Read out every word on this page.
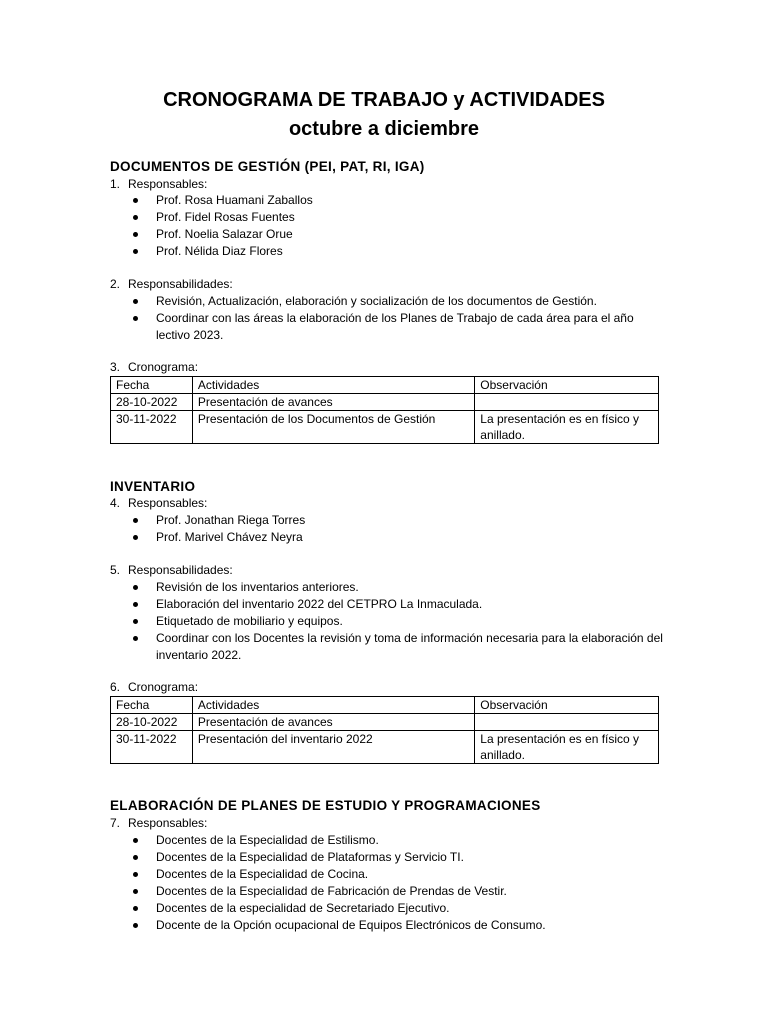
CRONOGRAMA DE TRABAJO y ACTIVIDADES
octubre a diciembre
DOCUMENTOS DE GESTIÓN (PEI, PAT, RI, IGA)
1. Responsables:
Prof. Rosa Huamani Zaballos
Prof. Fidel Rosas Fuentes
Prof. Noelia Salazar Orue
Prof. Nélida Diaz Flores
2. Responsabilidades:
Revisión, Actualización, elaboración y socialización de los documentos de Gestión.
Coordinar con las áreas la elaboración de los Planes de Trabajo de cada área para el año lectivo 2023.
3. Cronograma:
Fecha	Actividades	Observación
28-10-2022	Presentación de avances	
30-11-2022	Presentación de los Documentos de Gestión	La presentación es en físico y anillado.
INVENTARIO
4. Responsables:
Prof. Jonathan Riega Torres
Prof. Marivel Chávez Neyra
5. Responsabilidades:
Revisión de los inventarios anteriores.
Elaboración del inventario 2022 del CETPRO La Inmaculada.
Etiquetado de mobiliario y equipos.
Coordinar con los Docentes la revisión y toma de información necesaria para la elaboración del inventario 2022.
6. Cronograma:
Fecha	Actividades	Observación
28-10-2022	Presentación de avances	
30-11-2022	Presentación del inventario 2022	La presentación es en físico y anillado.
ELABORACIÓN DE PLANES DE ESTUDIO Y PROGRAMACIONES
7. Responsables:
Docentes de la Especialidad de Estilismo.
Docentes de la Especialidad de Plataformas y Servicio TI.
Docentes de la Especialidad de Cocina.
Docentes de la Especialidad de Fabricación de Prendas de Vestir.
Docentes de la especialidad de Secretariado Ejecutivo.
Docente de la Opción ocupacional de Equipos Electrónicos de Consumo.
